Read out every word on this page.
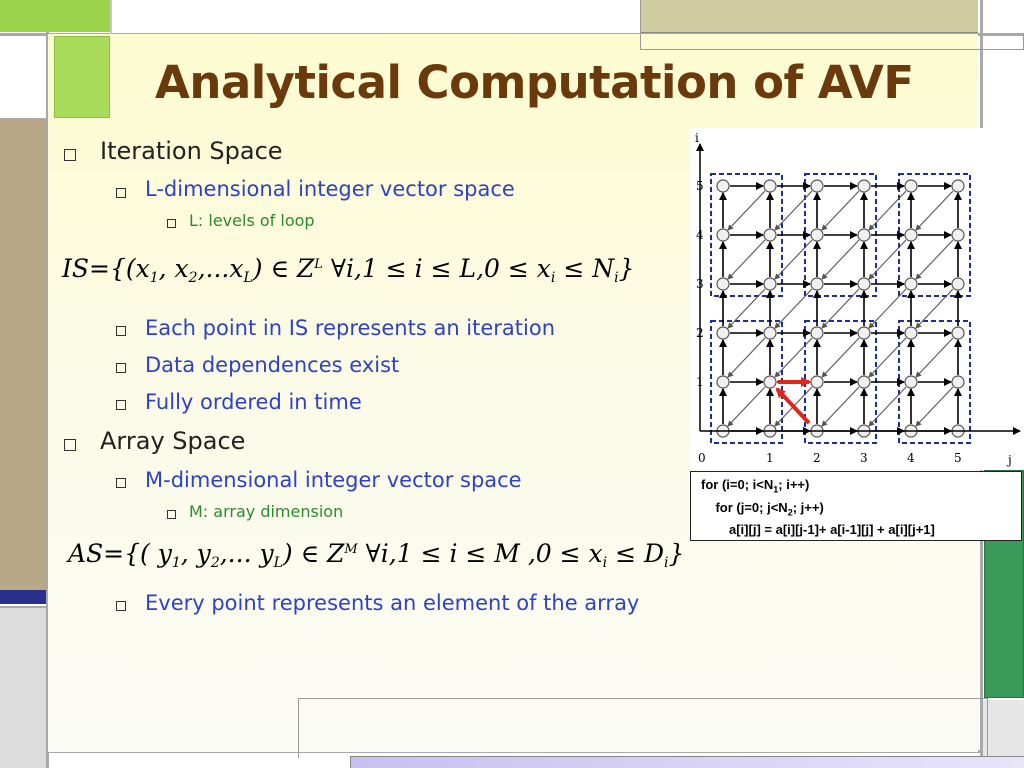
Analytical Computation of AVF
Iteration Space
L-dimensional integer vector space
L: levels of loop
$IS=\{(x_1$, $x_2,...x_L$) ∈ $Z^L$ ∀i,1 ≤ $i \le L,0 \le x_i \le N_i$}
Each point in IS represents an iteration
Data dependences exist
Fully ordered in time
Array Space
M-dimensional integer vector space
M: array dimension
AS={( $y_1$, $y_2$,... $y_L$) ∈ $Z^M$ ∀i,1 ≤ i ≤ M $,0 \le x_i \le D_i$}
Every point represents an element of the array
i
j
0	1	2	3	4	5
1
2
3
4
5
for (i=0; $i<N_1$; i++)
for (j=0; $j<N_2$; j++)
a[i][j] = a[i][j-1]+ a[i-1][j] + a[i][j+1]
